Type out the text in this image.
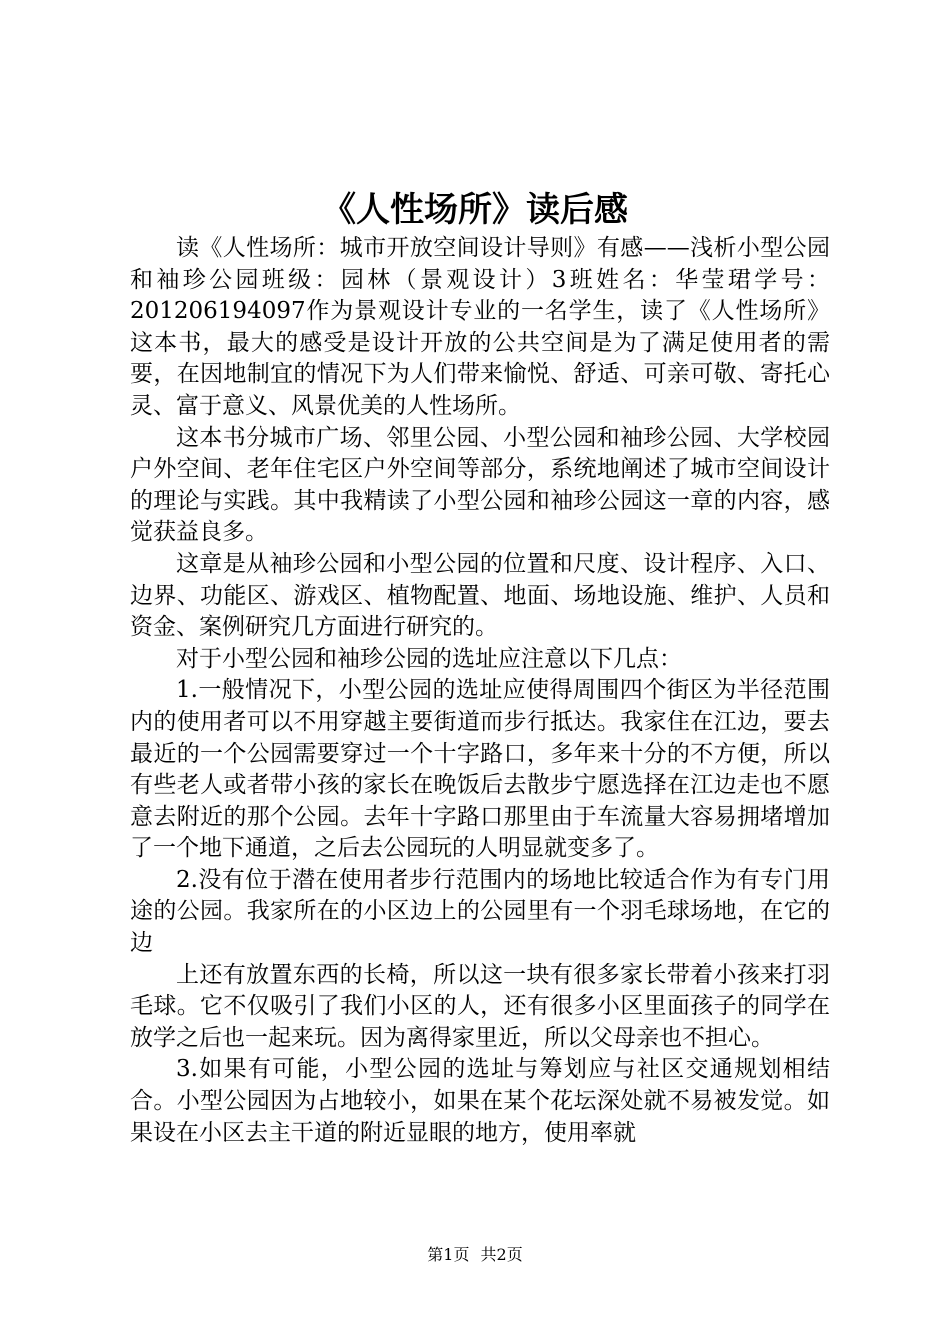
《人性场所》读后感

读《人性场所：城市开放空间设计导则》有感——浅析小型公园和袖珍公园班级：园林（景观设计）3班姓名：华莹珺学号：201206194097作为景观设计专业的一名学生，读了《人性场所》这本书，最大的感受是设计开放的公共空间是为了满足使用者的需要，在因地制宜的情况下为人们带来愉悦、舒适、可亲可敬、寄托心灵、富于意义、风景优美的人性场所。

这本书分城市广场、邻里公园、小型公园和袖珍公园、大学校园户外空间、老年住宅区户外空间等部分，系统地阐述了城市空间设计的理论与实践。其中我精读了小型公园和袖珍公园这一章的内容，感觉获益良多。

这章是从袖珍公园和小型公园的位置和尺度、设计程序、入口、边界、功能区、游戏区、植物配置、地面、场地设施、维护、人员和资金、案例研究几方面进行研究的。

对于小型公园和袖珍公园的选址应注意以下几点：

1.一般情况下，小型公园的选址应使得周围四个街区为半径范围内的使用者可以不用穿越主要街道而步行抵达。我家住在江边，要去最近的一个公园需要穿过一个十字路口，多年来十分的不方便，所以有些老人或者带小孩的家长在晚饭后去散步宁愿选择在江边走也不愿意去附近的那个公园。去年十字路口那里由于车流量大容易拥堵增加了一个地下通道，之后去公园玩的人明显就变多了。

2.没有位于潜在使用者步行范围内的场地比较适合作为有专门用途的公园。我家所在的小区边上的公园里有一个羽毛球场地，在它的边

上还有放置东西的长椅，所以这一块有很多家长带着小孩来打羽毛球。它不仅吸引了我们小区的人，还有很多小区里面孩子的同学在放学之后也一起来玩。因为离得家里近，所以父母亲也不担心。

3.如果有可能，小型公园的选址与筹划应与社区交通规划相结合。小型公园因为占地较小，如果在某个花坛深处就不易被发觉。如果设在小区去主干道的附近显眼的地方，使用率就

第1页 共2页
